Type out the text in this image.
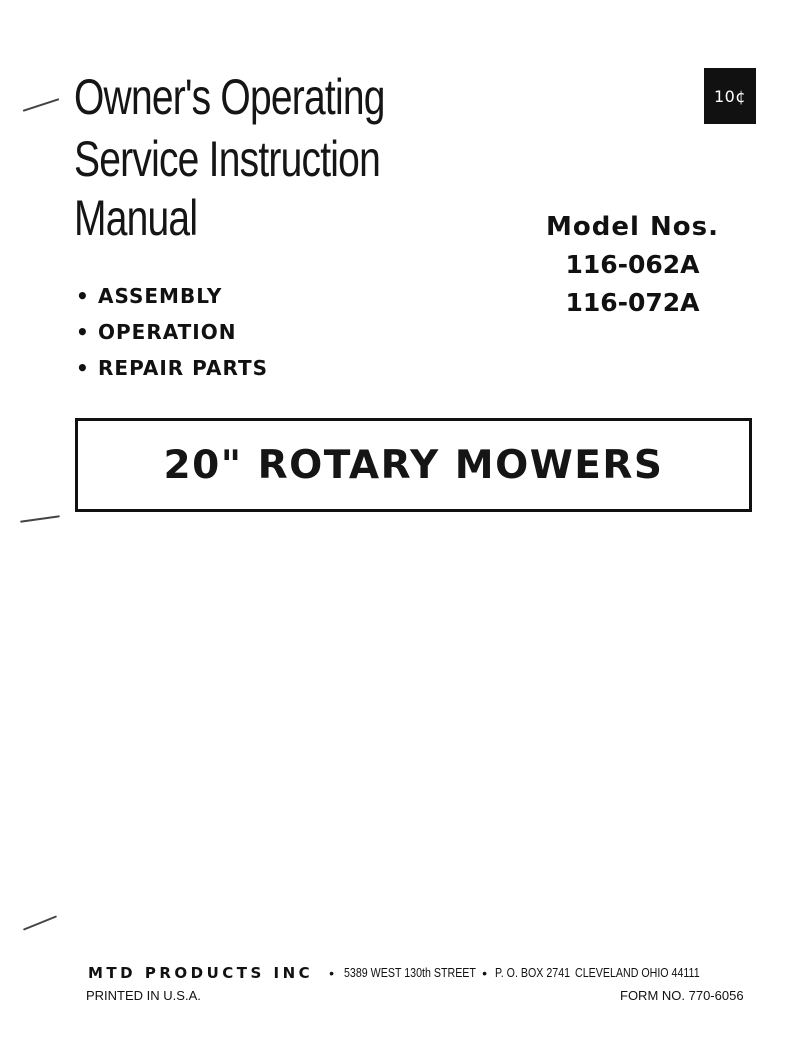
Owner's Operating
Service Instruction
Manual
10¢
Model Nos.
116-062A
116-072A
• ASSEMBLY
• OPERATION
• REPAIR PARTS
20" ROTARY MOWERS
MTD PRODUCTS INC • 5389 WEST 130th STREET • P. O. BOX 2741 CLEVELAND OHIO 44111
PRINTED IN U.S.A.	FORM NO. 770-6056
